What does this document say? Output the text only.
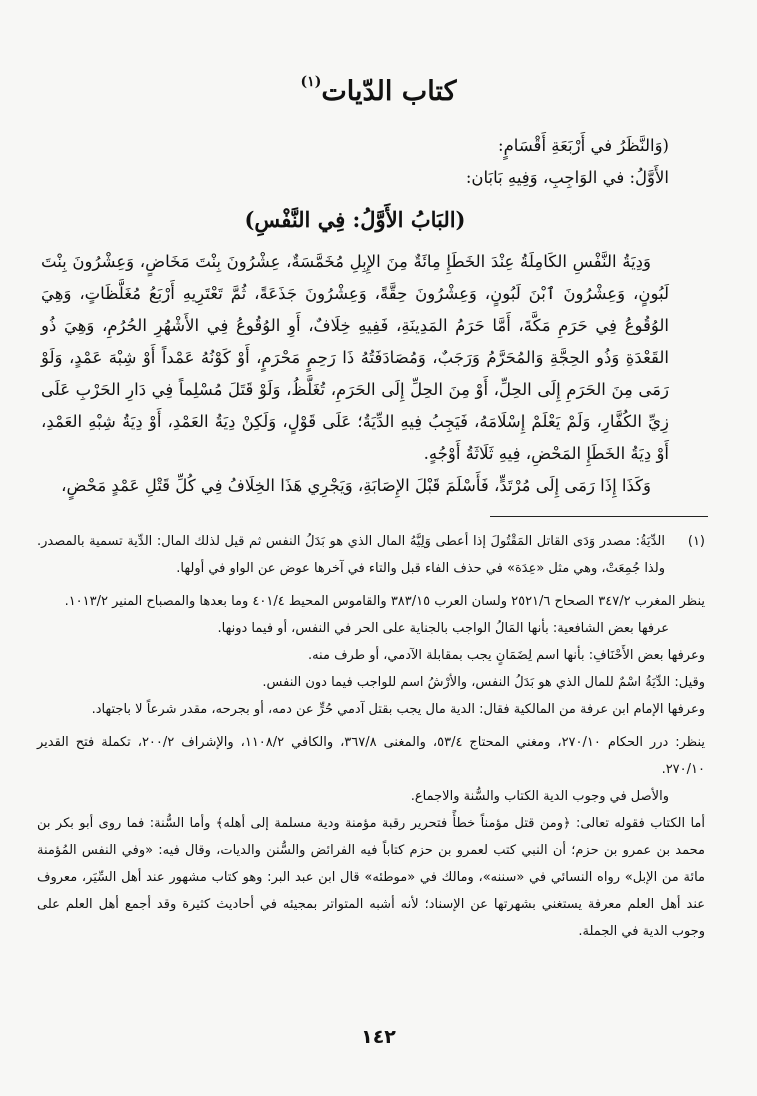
كتاب الدّيات$^{(١)}$

(وَالنَّظَرُ في أَرْبَعَةِ أَقْسَامٍ:

الأَوَّلُ: في الوَاجِبِ، وَفِيهِ بَابَان:

(البَابُ الأَوَّلُ: فِي النَّفْسِ)

وَدِيَةُ النَّفْسِ الكَامِلَةُ عِنْدَ الخَطَإِ مِائَةٌ مِنَ الإِبِلِ مُخَمَّسَةٌ، عِشْرُونَ بِنْتَ مَخَاضٍ، وَعِشْرُونَ بِنْتَ لَبُونٍ، وَعِشْرُونَ ٱبْنَ لَبُونٍ، وَعِشْرُونَ حِقَّةً، وَعِشْرُونَ جَذَعَةً، ثُمَّ تَعْتَرِيهِ أَرْبَعُ مُغَلَّظَاتٍ، وَهِيَ الوُقُوعُ فِي حَرَمِ مَكَّةَ، أَمَّا حَرَمُ المَدِينَةِ، فَفِيهِ خِلَافٌ، أَوِ الوُقُوعُ فِي الأَشْهُرِ الحُرُمِ، وَهِيَ ذُو القَعْدَةِ وَذُو الحِجَّةِ وَالمُحَرَّمُ وَرَجَبٌ، وَمُصَادَفَتُهُ ذَا رَحِمٍ مَحْرَمٍ، أَوْ كَوْنُهُ عَمْداً أَوْ شِبْهَ عَمْدٍ، وَلَوْ رَمَى مِنَ الحَرَمِ إِلَى الحِلِّ، أَوْ مِنَ الحِلِّ إِلَى الحَرَمِ، تُغَلَّظُ، وَلَوْ قَتَلَ مُسْلِماً فِي دَارِ الحَرْبِ عَلَى زِيِّ الكُفَّارِ، وَلَمْ يَعْلَمْ إِسْلَامَهُ، فَيَجِبُ فِيهِ الدِّيَةُ؛ عَلَى قَوْلٍ، وَلَكِنْ دِيَةُ العَمْدِ، أَوْ دِيَةُ شِبْهِ العَمْدِ، أَوْ دِيَةُ الخَطَإِ المَحْضِ، فِيهِ ثَلَاثَةُ أَوْجُهٍ.

وَكَذَا إِذَا رَمَى إِلَى مُرْتَدٍّ، فَأَسْلَمَ قَبْلَ الإِصَابَةِ، وَيَجْرِي هَذَا الخِلَافُ فِي كُلِّ قَتْلِ عَمْدٍ مَحْضٍ،

(١)
الدِّيَةُ: مصدر وَدَى القاتل المَقْتُولَ إذا أعطى وَلِيَّهُ المال الذي هو بَدَلُ النفس ثم قيل لذلك المال: الدِّية تسمية بالمصدر. ولذا جُمِعَتْ، وهي مثل «عِدَة» في حذف الفاء قبل والتاء في آخرها عوض عن الواو في أولها.

ينظر المغرب ٣٤٧/٢ الصحاح ٢٥٢١/٦ ولسان العرب ٣٨٣/١٥ والقاموس المحيط ٤٠١/٤ وما بعدها والمصباح المنير ١٠١٣/٢.

عرفها بعض الشافعية: بأنها المَالُ الواجب بالجناية على الحر في النفس، أو فيما دونها.

وعرفها بعض الأَحْنَافِ: بأنها اسم لِضَمَانٍ يجب بمقابلة الآدمي، أو طرف منه.

وقيل: الدِّيَةُ اسْمٌ للمال الذي هو بَدَلُ النفس، والأرْشُ اسم للواجب فيما دون النفس.

وعرفها الإمام ابن عرفة من المالكية فقال: الدية مال يجب بقتل آدمي حُرٍّ عن دمه، أو بجرحه، مقدر شرعاً لا باجتهاد.

ينظر: درر الحكام ٢٧٠/١٠، ومغني المحتاج ٥٣/٤، والمغنى ٣٦٧/٨، والكافي ١١٠٨/٢، والإشراف ٢٠٠/٢، تكملة فتح القدير ٢٧٠/١٠.

والأصل في وجوب الدية الكتاب والسُّنة والاجماع.

أما الكتاب فقوله تعالى: ﴿ومن قتل مؤمناً خطأً فتحرير رقبة مؤمنة ودية مسلمة إلى أهله﴾ وأما السُّنة: فما روى أبو بكر بن محمد بن عمرو بن حزم؛ أن النبي كتب لعمرو بن حزم كتاباً فيه الفرائض والسُّنن والديات، وقال فيه: «وفي النفس المُؤمنة مائة من الإبل» رواه النسائي في «سننه»، ومالك في «موطئه» قال ابن عبد البر: وهو كتاب مشهور عند أهل السِّيَر، معروف عند أهل العلم معرفة يستغني بشهرتها عن الإسناد؛ لأنه أشبه المتواتر بمجيئه في أحاديث كثيرة وقد أجمع أهل العلم على وجوب الدية في الجملة.

١٤٢
